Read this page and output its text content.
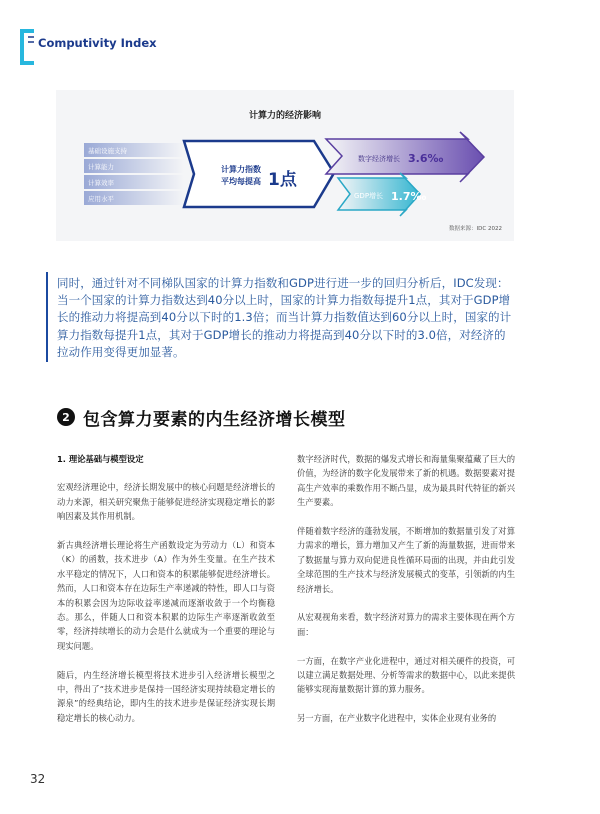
Computivity Index
基础设施支持
计算能力
计算效率
应用水平
计算力指数
平均每提高 1点
数字经济增长 3.6‰
GDP增长 1.7‰
计算力的经济影响
数据来源：IDC 2022
同时，通过针对不同梯队国家的计算力指数和GDP进行进一步的回归分析后，IDC发现：当一个国家的计算力指数达到40分以上时，国家的计算力指数每提升1点，其对于GDP增长的推动力将提高到40分以下时的1.3倍；而当计算力指数值达到60分以上时，国家的计算力指数每提升1点，其对于GDP增长的推动力将提高到40分以下时的3.0倍，对经济的拉动作用变得更加显著。
2 包含算力要素的内生经济增长模型

1. 理论基础与模型设定

宏观经济理论中，经济长期发展中的核心问题是经济增长的动力来源，相关研究聚焦于能够促进经济实现稳定增长的影响因素及其作用机制。

新古典经济增长理论将生产函数设定为劳动力（L）和资本（K）的函数，技术进步（A）作为外生变量。在生产技术水平稳定的情况下，人口和资本的积累能够促进经济增长。然而，人口和资本存在边际生产率递减的特性，即人口与资本的积累会因为边际收益率递减而逐渐收敛于一个均衡稳态。那么，伴随人口和资本积累的边际生产率逐渐收敛至零，经济持续增长的动力会是什么就成为一个重要的理论与现实问题。

随后，内生经济增长模型将技术进步引入经济增长模型之中，得出了“技术进步是保持一国经济实现持续稳定增长的源泉”的经典结论，即内生的技术进步是保证经济实现长期稳定增长的核心动力。

数字经济时代，数据的爆发式增长和海量集聚蕴藏了巨大的价值，为经济的数字化发展带来了新的机遇。数据要素对提高生产效率的乘数作用不断凸显，成为最具时代特征的新兴生产要素。

伴随着数字经济的蓬勃发展，不断增加的数据量引发了对算力需求的增长，算力增加又产生了新的海量数据，进而带来了数据量与算力双向促进良性循环局面的出现，并由此引发全球范围的生产技术与经济发展模式的变革，引领新的内生经济增长。

从宏观视角来看，数字经济对算力的需求主要体现在两个方面：

一方面，在数字产业化进程中，通过对相关硬件的投资，可以建立满足数据处理、分析等需求的数据中心，以此来提供能够实现海量数据计算的算力服务。

另一方面，在产业数字化进程中，实体企业现有业务的

32
